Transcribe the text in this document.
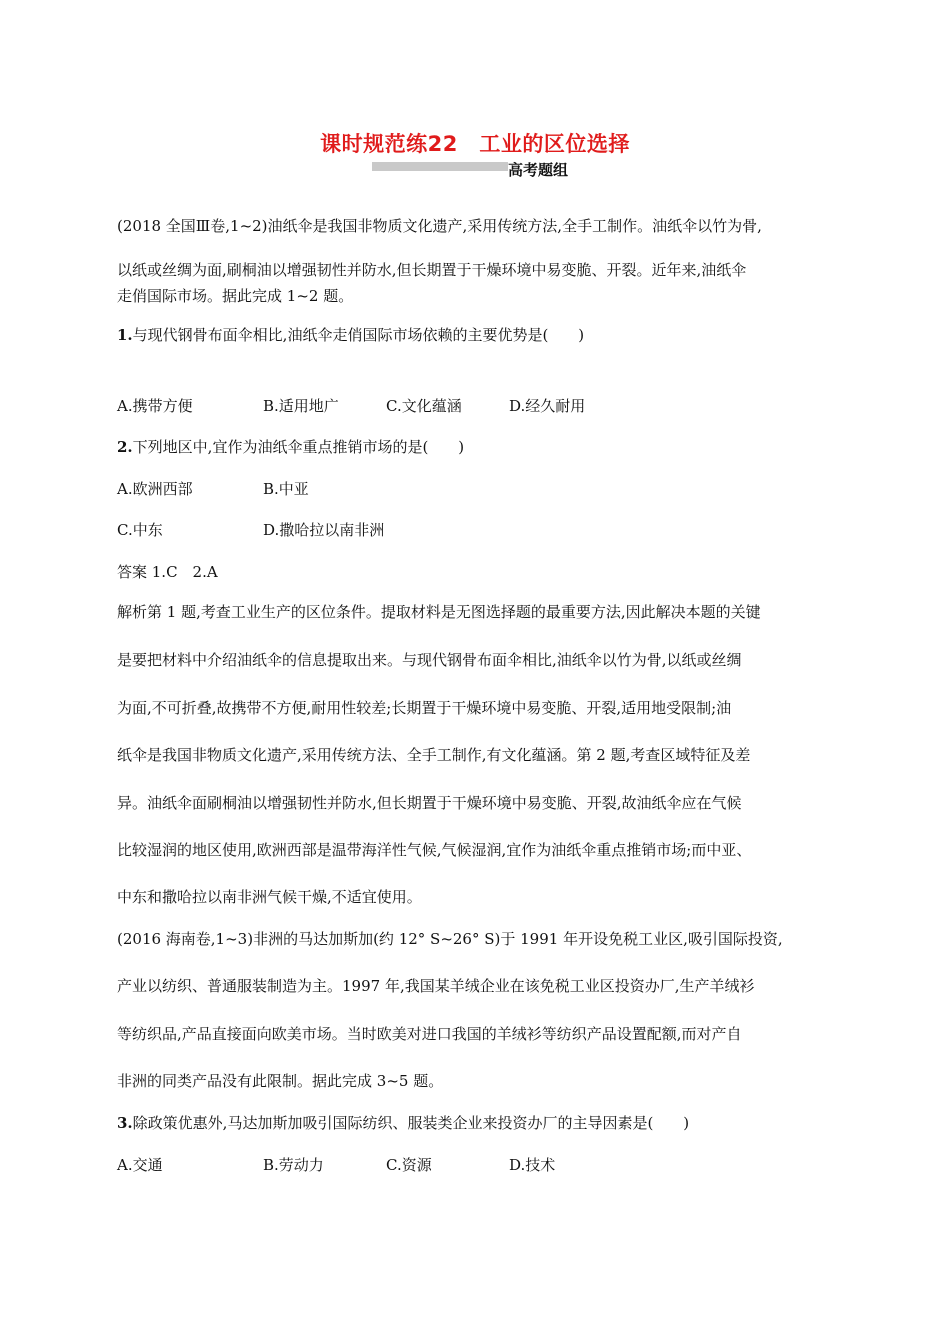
课时规范练22　工业的区位选择
高考题组
(2018 全国Ⅲ卷,1~2)油纸伞是我国非物质文化遗产,采用传统方法,全手工制作。油纸伞以竹为骨,
以纸或丝绸为面,刷桐油以增强韧性并防水,但长期置于干燥环境中易变脆、开裂。近年来,油纸伞
走俏国际市场。据此完成 1~2 题。
1.与现代钢骨布面伞相比,油纸伞走俏国际市场依赖的主要优势是(　　)
A.携带方便	B.适用地广	C.文化蕴涵	D.经久耐用
2.下列地区中,宜作为油纸伞重点推销市场的是(　　)
A.欧洲西部	B.中亚
C.中东	D.撒哈拉以南非洲
答案 1.C　2.A
解析第 1 题,考查工业生产的区位条件。提取材料是无图选择题的最重要方法,因此解决本题的关键
是要把材料中介绍油纸伞的信息提取出来。与现代钢骨布面伞相比,油纸伞以竹为骨,以纸或丝绸
为面,不可折叠,故携带不方便,耐用性较差;长期置于干燥环境中易变脆、开裂,适用地受限制;油
纸伞是我国非物质文化遗产,采用传统方法、全手工制作,有文化蕴涵。第 2 题,考查区域特征及差
异。油纸伞面刷桐油以增强韧性并防水,但长期置于干燥环境中易变脆、开裂,故油纸伞应在气候
比较湿润的地区使用,欧洲西部是温带海洋性气候,气候湿润,宜作为油纸伞重点推销市场;而中亚、
中东和撒哈拉以南非洲气候干燥,不适宜使用。
(2016 海南卷,1~3)非洲的马达加斯加(约 12° S~26° S)于 1991 年开设免税工业区,吸引国际投资,
产业以纺织、普通服装制造为主。1997 年,我国某羊绒企业在该免税工业区投资办厂,生产羊绒衫
等纺织品,产品直接面向欧美市场。当时欧美对进口我国的羊绒衫等纺织产品设置配额,而对产自
非洲的同类产品没有此限制。据此完成 3~5 题。
3.除政策优惠外,马达加斯加吸引国际纺织、服装类企业来投资办厂的主导因素是(　　)
A.交通	B.劳动力	C.资源	D.技术
